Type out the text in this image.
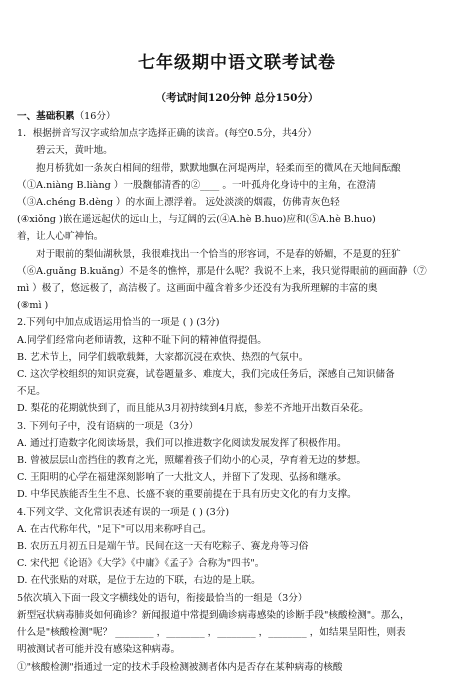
七年级期中语文联考试卷
（考试时间120分钟 总分150分）

一、基础积累（16分）

1．根据拼音写汉字或给加点字选择正确的读音。(每空0.5分，共4分）

碧云天，黄叶地。

抱月桥犹如一条灰白相间的纽带，默默地飘在河堤两岸，轻柔而至的微风在天地间酝酿

（①A.niàng B.liàng ）一股馥郁清香的②____ 。一叶孤舟化身诗中的主角，在澄清

（③A.chéng B.dèng ）的水面上漂浮着。 远处淡淡的烟霞，仿佛青灰色轻

(④xiǒng )嵌在遥远起伏的远山上，与辽阔的云(④A.hè B.huo)应和(⑤A.hè B.huo)

着，让人心旷神怡。

对于眼前的梨仙湖秋景，我很难找出一个恰当的形容词，不是春的娇媚，不是夏的狂犷

（⑥A.guǎng B.kuǎng）不是冬的憔悴，那是什么呢？我说不上来，我只觉得眼前的画面静（⑦

mì ）极了，悠远极了，高洁极了。这画面中蕴含着多少还没有为我所理解的丰富的奥

(⑧mì )

2.下列句中加点成语运用恰当的一项是 ( ) (3分)

A.同学们经常向老师请教，这种不耻下问的精神值得提倡。

B. 艺术节上，同学们载歌载舞，大家都沉浸在欢快、热烈的气氛中。

C. 这次学校组织的知识竞赛，试卷题量多、难度大，我们完成任务后，深感自己知识储备

不足。

D. 梨花的花期就快到了，而且能从3月初持续到4月底，参差不齐地开出数百朵花。

3. 下列句子中，没有语病的一项是（3分）

A. 通过打造数字化阅读场景，我们可以推进数字化阅读发展发挥了积极作用。

B. 曾被层层山峦挡住的教育之光，照耀着孩子们幼小的心灵，孕育着无边的梦想。

C. 王阳明的心学在福建深刻影响了一大批文人，并留下了发现、弘扬和继承。

D. 中华民族能否生生不息、长盛不衰的重要前提在于具有历史文化的有力支撑。

4.下列文学、文化常识表述有误的一项是 ( ) (3分)

A. 在古代称年代，"足下"可以用来称呼自己。

B. 农历五月初五日是端午节。民间在这一天有吃粽子、赛龙舟等习俗

C. 宋代把《论语》《大学》《中庸》《孟子》合称为"四书"。

D. 在代张贴的对联，是位于左边的下联，右边的是上联。

5依次填入下面一段文字横线处的语句，衔接最恰当的一组是（3分）

新型冠状病毒肺炎如何确诊？新闻报道中常提到确诊病毒感染的诊断手段"核酸检测"。那么，

什么是"核酸检测"呢？ ________ ，________ ，________ ，________ ，如结果呈阳性，则表

明被测试者可能并没有感染这种病毒。

①"核酸检测"指通过一定的技术手段检测被测者体内是否存在某种病毒的核酸
